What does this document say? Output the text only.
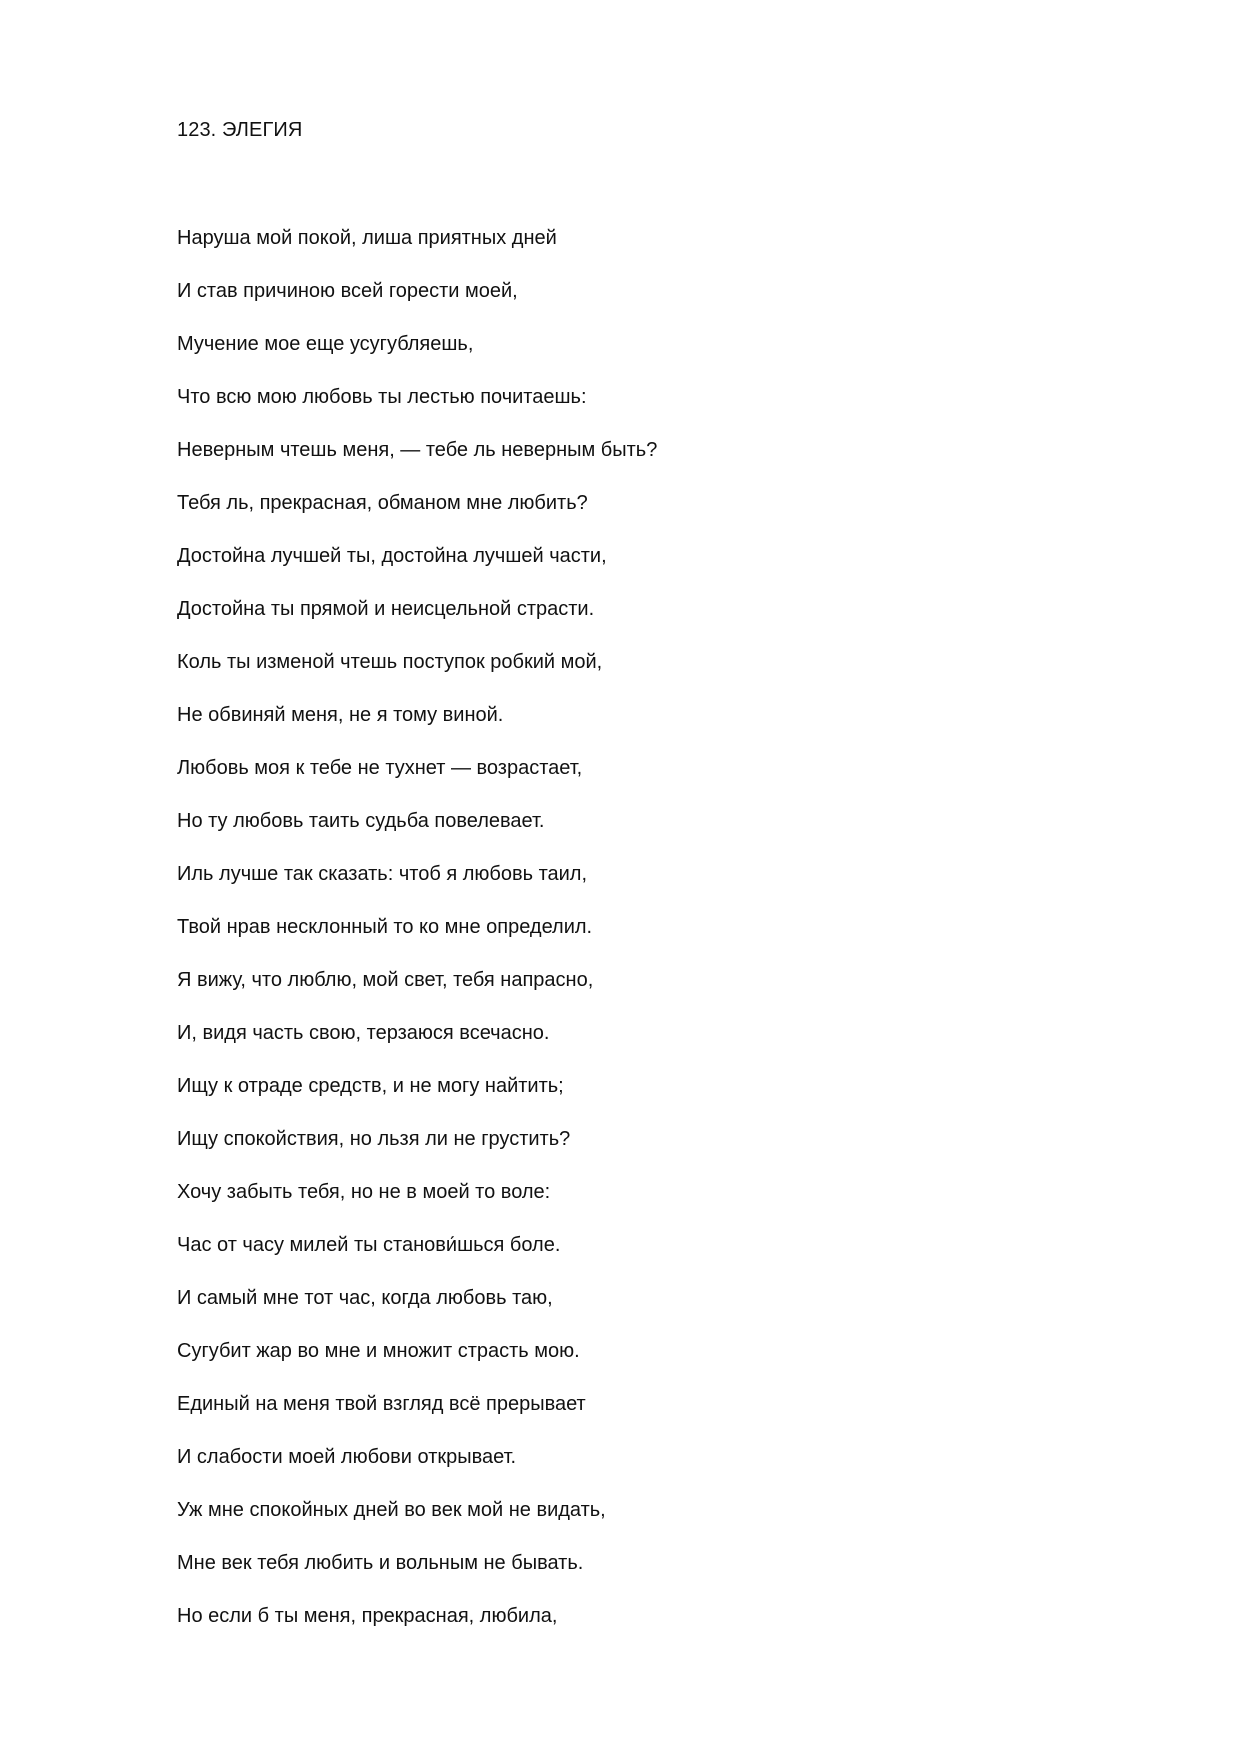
123. ЭЛЕГИЯ
Наруша мой покой, лиша приятных дней
И став причиною всей горести моей,
Мучение мое еще усугубляешь,
Что всю мою любовь ты лестью почитаешь:
Неверным чтешь меня, — тебе ль неверным быть?
Тебя ль, прекрасная, обманом мне любить?
Достойна лучшей ты, достойна лучшей части,
Достойна ты прямой и неисцельной страсти.
Коль ты изменой чтешь поступок робкий мой,
Не обвиняй меня, не я тому виной.
Любовь моя к тебе не тухнет — возрастает,
Но ту любовь таить судьба повелевает.
Иль лучше так сказать: чтоб я любовь таил,
Твой нрав несклонный то ко мне определил.
Я вижу, что люблю, мой свет, тебя напрасно,
И, видя часть свою, терзаюся всечасно.
Ищу к отраде средств, и не могу найтить;
Ищу спокойствия, но льзя ли не грустить?
Хочу забыть тебя, но не в моей то воле:
Час от часу милей ты станови́шься боле.
И самый мне тот час, когда любовь таю,
Сугубит жар во мне и множит страсть мою.
Единый на меня твой взгляд всё прерывает
И слабости моей любови открывает.
Уж мне спокойных дней во век мой не видать,
Мне век тебя любить и вольным не бывать.
Но если б ты меня, прекрасная, любила,
